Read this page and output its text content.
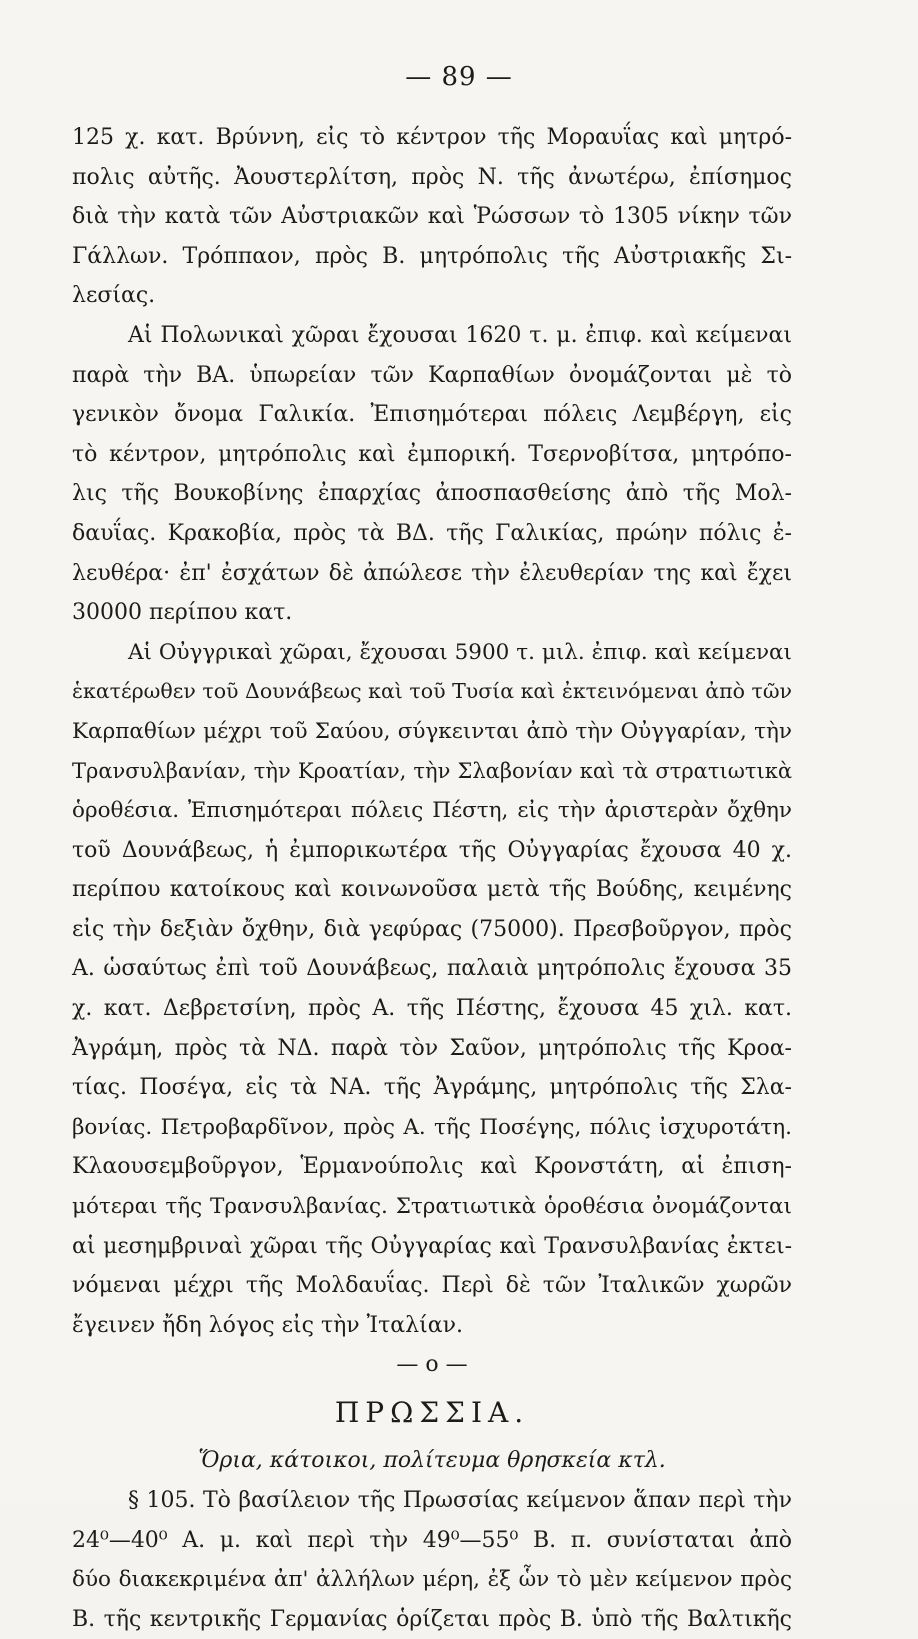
— 89 —
125 χ. κατ. Βρύννη, εἰς τὸ κέντρον τῆς Μοραυΐας καὶ μητρό-
πολις αὐτῆς. Ἀουστερλίτση, πρὸς Ν. τῆς ἀνωτέρω, ἐπίσημος
διὰ τὴν κατὰ τῶν Αὐστριακῶν καὶ Ῥώσσων τὸ 1305 νίκην τῶν
Γάλλων. Τρόππαον, πρὸς Β. μητρόπολις τῆς Αὐστριακῆς Σι-
λεσίας.
Αἱ Πολωνικαὶ χῶραι ἔχουσαι 1620 τ. μ. ἐπιφ. καὶ κείμεναι
παρὰ τὴν ΒΑ. ὑπωρείαν τῶν Καρπαθίων ὀνομάζονται μὲ τὸ
γενικὸν ὄνομα Γαλικία. Ἐπισημότεραι πόλεις Λεμβέργη, εἰς
τὸ κέντρον, μητρόπολις καὶ ἐμπορική. Τσερνοβίτσα, μητρόπο-
λις τῆς Βουκοβίνης ἐπαρχίας ἀποσπασθείσης ἀπὸ τῆς Μολ-
δαυΐας. Κρακοβία, πρὸς τὰ ΒΔ. τῆς Γαλικίας, πρώην πόλις ἐ-
λευθέρα· ἐπ' ἐσχάτων δὲ ἀπώλεσε τὴν ἐλευθερίαν της καὶ ἔχει
30000 περίπου κατ.
Αἱ Οὐγγρικαὶ χῶραι, ἔχουσαι 5900 τ. μιλ. ἐπιφ. καὶ κείμεναι
ἑκατέρωθεν τοῦ Δουνάβεως καὶ τοῦ Τυσία καὶ ἐκτεινόμεναι ἀπὸ τῶν
Καρπαθίων μέχρι τοῦ Σαύου, σύγκεινται ἀπὸ τὴν Οὐγγαρίαν, τὴν
Τρανσυλβανίαν, τὴν Κροατίαν, τὴν Σλαβονίαν καὶ τὰ στρατιωτικὰ
ὁροθέσια. Ἐπισημότεραι πόλεις Πέστη, εἰς τὴν ἀριστερὰν ὄχθην
τοῦ Δουνάβεως, ἡ ἐμπορικωτέρα τῆς Οὐγγαρίας ἔχουσα 40 χ.
περίπου κατοίκους καὶ κοινωνοῦσα μετὰ τῆς Βούδης, κειμένης
εἰς τὴν δεξιὰν ὄχθην, διὰ γεφύρας (75000). Πρεσβοῦργον, πρὸς
Α. ὡσαύτως ἐπὶ τοῦ Δουνάβεως, παλαιὰ μητρόπολις ἔχουσα 35
χ. κατ. Δεβρετσίνη, πρὸς Α. τῆς Πέστης, ἔχουσα 45 χιλ. κατ.
Ἀγράμη, πρὸς τὰ ΝΔ. παρὰ τὸν Σαῦον, μητρόπολις τῆς Κροα-
τίας. Ποσέγα, εἰς τὰ ΝΑ. τῆς Ἀγράμης, μητρόπολις τῆς Σλα-
βονίας. Πετροβαρδῖνον, πρὸς Α. τῆς Ποσέγης, πόλις ἰσχυροτάτη.
Κλαουσεμβοῦργον, Ἑρμανούπολις καὶ Κρονστάτη, αἱ ἐπιση-
μότεραι τῆς Τρανσυλβανίας. Στρατιωτικὰ ὁροθέσια ὀνομάζονται
αἱ μεσημβριναὶ χῶραι τῆς Οὐγγαρίας καὶ Τρανσυλβανίας ἐκτει-
νόμεναι μέχρι τῆς Μολδαυΐας. Περὶ δὲ τῶν Ἰταλικῶν χωρῶν
ἔγεινεν ἤδη λόγος εἰς τὴν Ἰταλίαν.
— o —
ΠΡΩΣΣΙΑ.
Ὅρια, κάτοικοι, πολίτευμα θρησκεία κτλ.
§ 105. Τὸ βασίλειον τῆς Πρωσσίας κείμενον ἅπαν περὶ τὴν
24⁰—40⁰ Α. μ. καὶ περὶ τὴν 49⁰—55⁰ Β. π. συνίσταται ἀπὸ
δύο διακεκριμένα ἀπ' ἀλλήλων μέρη, ἐξ ὧν τὸ μὲν κείμενον πρὸς
Β. τῆς κεντρικῆς Γερμανίας ὁρίζεται πρὸς Β. ὑπὸ τῆς Βαλτικῆς
